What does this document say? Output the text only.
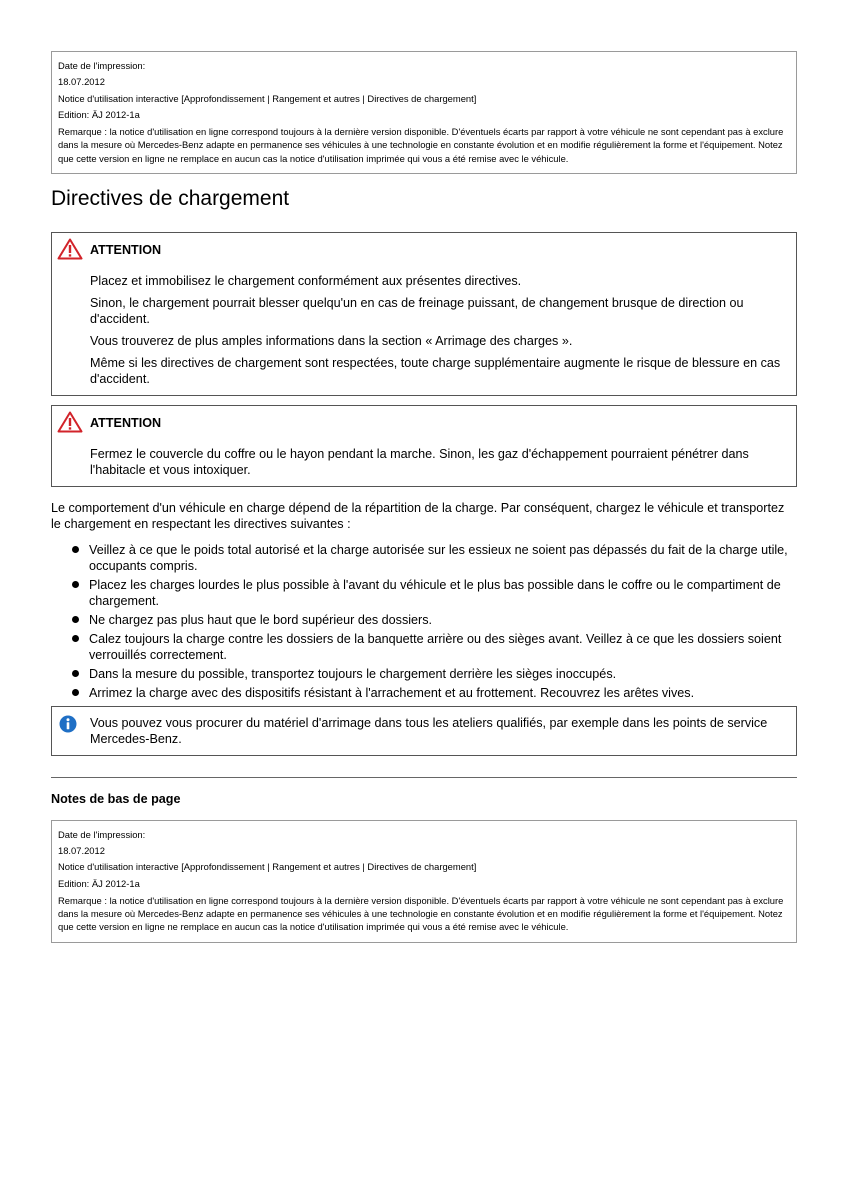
Date de l'impression:
18.07.2012
Notice d'utilisation interactive [Approfondissement | Rangement et autres | Directives de chargement]
Edition: ÄJ 2012-1a
Remarque : la notice d'utilisation en ligne correspond toujours à la dernière version disponible. D'éventuels écarts par rapport à votre véhicule ne sont cependant pas à exclure dans la mesure où Mercedes-Benz adapte en permanence ses véhicules à une technologie en constante évolution et en modifie régulièrement la forme et l'équipement. Notez que cette version en ligne ne remplace en aucun cas la notice d'utilisation imprimée qui vous a été remise avec le véhicule.
Directives de chargement
ATTENTION

Placez et immobilisez le chargement conformément aux présentes directives.

Sinon, le chargement pourrait blesser quelqu'un en cas de freinage puissant, de changement brusque de direction ou d'accident.

Vous trouverez de plus amples informations dans la section « Arrimage des charges ».

Même si les directives de chargement sont respectées, toute charge supplémentaire augmente le risque de blessure en cas d'accident.

ATTENTION

Fermez le couvercle du coffre ou le hayon pendant la marche. Sinon, les gaz d'échappement pourraient pénétrer dans l'habitacle et vous intoxiquer.

Le comportement d'un véhicule en charge dépend de la répartition de la charge. Par conséquent, chargez le véhicule et transportez le chargement en respectant les directives suivantes :

Veillez à ce que le poids total autorisé et la charge autorisée sur les essieux ne soient pas dépassés du fait de la charge utile, occupants compris.
Placez les charges lourdes le plus possible à l'avant du véhicule et le plus bas possible dans le coffre ou le compartiment de chargement.
Ne chargez pas plus haut que le bord supérieur des dossiers.
Calez toujours la charge contre les dossiers de la banquette arrière ou des sièges avant. Veillez à ce que les dossiers soient verrouillés correctement.
Dans la mesure du possible, transportez toujours le chargement derrière les sièges inoccupés.
Arrimez la charge avec des dispositifs résistant à l'arrachement et au frottement. Recouvrez les arêtes vives.
Vous pouvez vous procurer du matériel d'arrimage dans tous les ateliers qualifiés, par exemple dans les points de service Mercedes-Benz.

Notes de bas de page

Date de l'impression:
18.07.2012
Notice d'utilisation interactive [Approfondissement | Rangement et autres | Directives de chargement]
Edition: ÄJ 2012-1a
Remarque : la notice d'utilisation en ligne correspond toujours à la dernière version disponible. D'éventuels écarts par rapport à votre véhicule ne sont cependant pas à exclure dans la mesure où Mercedes-Benz adapte en permanence ses véhicules à une technologie en constante évolution et en modifie régulièrement la forme et l'équipement. Notez que cette version en ligne ne remplace en aucun cas la notice d'utilisation imprimée qui vous a été remise avec le véhicule.
